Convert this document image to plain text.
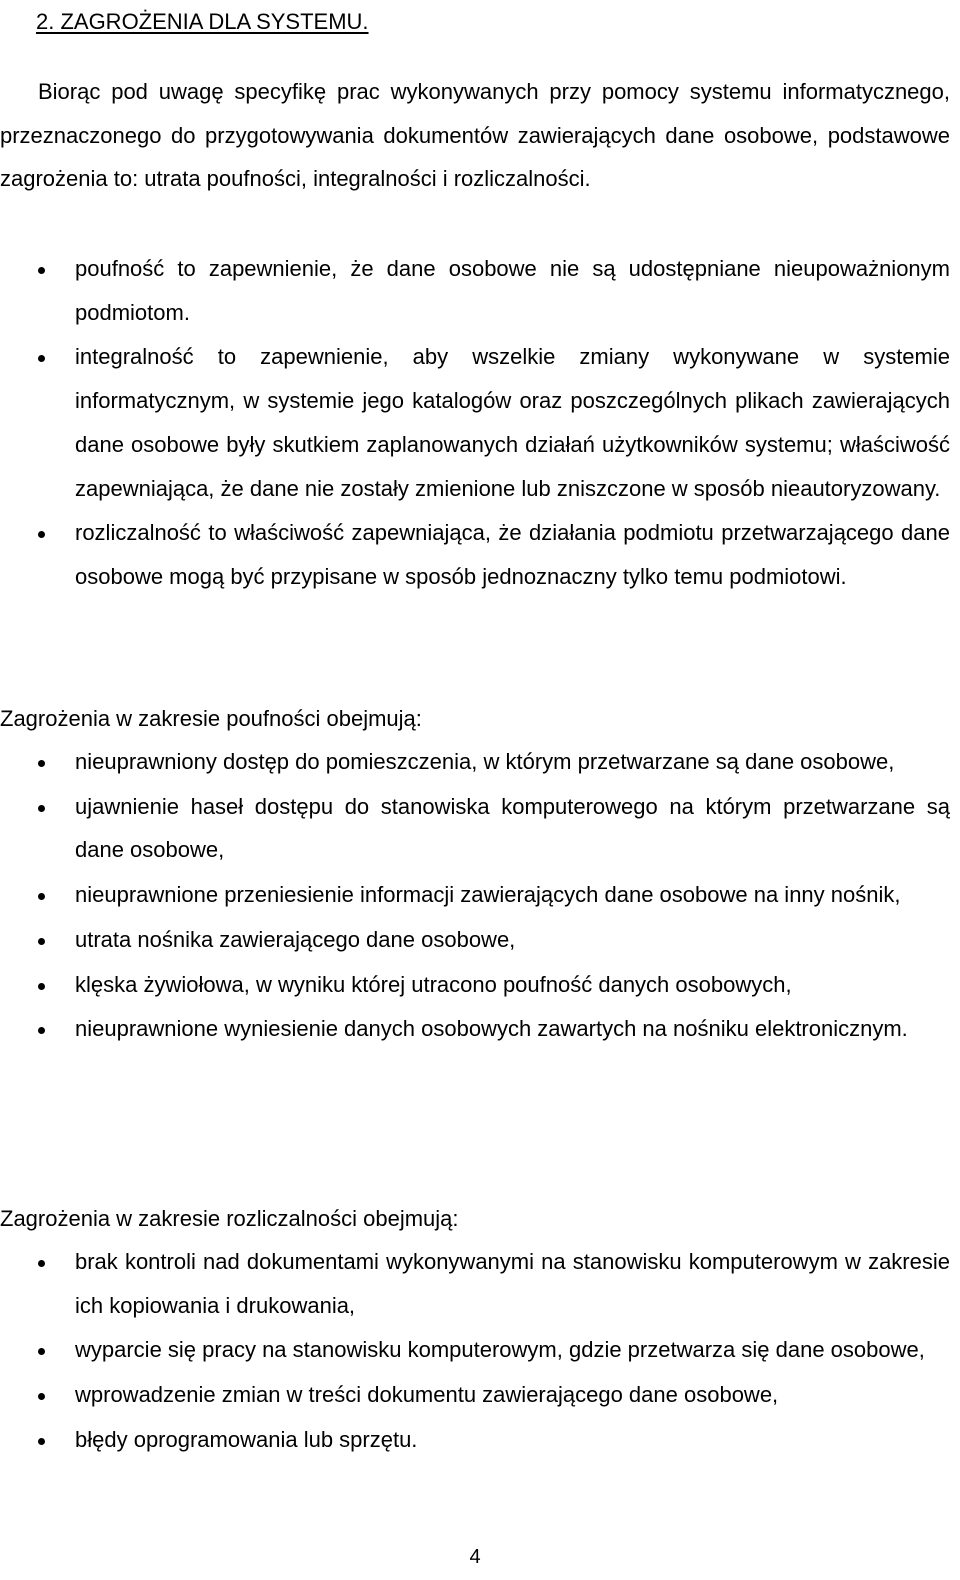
2. ZAGROŻENIA DLA SYSTEMU.

Biorąc pod uwagę specyfikę prac wykonywanych przy pomocy systemu informatycznego, przeznaczonego do przygotowywania dokumentów zawierających dane osobowe, podstawowe zagrożenia to: utrata poufności, integralności i rozliczalności.

poufność to zapewnienie, że dane osobowe nie są udostępniane nieupoważnionym podmiotom.
integralność to zapewnienie, aby wszelkie zmiany wykonywane w systemie informatycznym, w systemie jego katalogów oraz poszczególnych plikach zawierających dane osobowe były skutkiem zaplanowanych działań użytkowników systemu; właściwość zapewniająca, że dane nie zostały zmienione lub zniszczone w sposób nieautoryzowany.
rozliczalność to właściwość zapewniająca, że działania podmiotu przetwarzającego dane osobowe mogą być przypisane w sposób jednoznaczny tylko temu podmiotowi.

Zagrożenia w zakresie poufności obejmują:

nieuprawniony dostęp do pomieszczenia, w którym przetwarzane są dane osobowe,
ujawnienie haseł dostępu do stanowiska komputerowego na którym przetwarzane są dane osobowe,
nieuprawnione przeniesienie informacji zawierających dane osobowe na inny nośnik,
utrata nośnika zawierającego dane osobowe,
klęska żywiołowa, w wyniku której utracono poufność danych osobowych,
nieuprawnione wyniesienie danych osobowych zawartych na nośniku elektronicznym.

Zagrożenia w zakresie rozliczalności obejmują:

brak kontroli nad dokumentami wykonywanymi na stanowisku komputerowym w zakresie ich kopiowania i drukowania,
wyparcie się pracy na stanowisku komputerowym, gdzie przetwarza się dane osobowe,
wprowadzenie zmian w treści dokumentu zawierającego dane osobowe,
błędy oprogramowania lub sprzętu.
4
